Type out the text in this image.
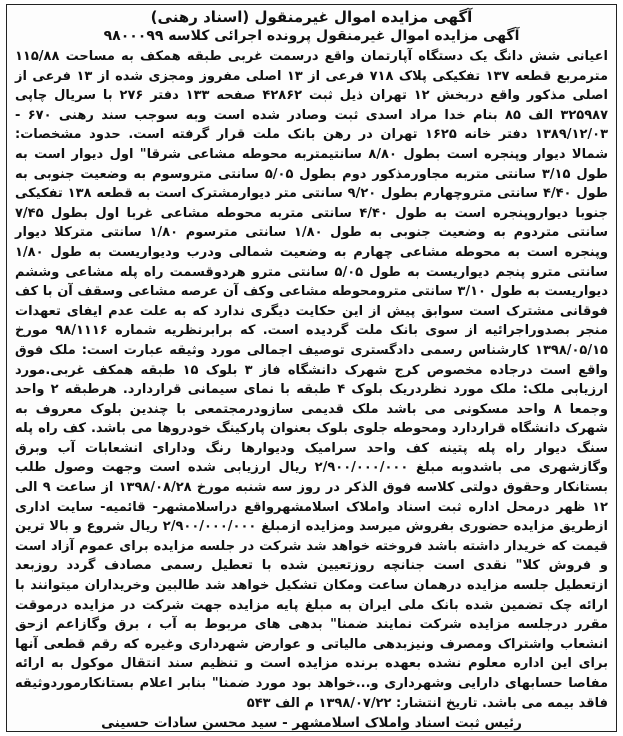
آگهی مزایده اموال غیرمنقول (اسناد رهنی)

آگهی مزایده اموال غیرمنقول پرونده اجرائی کلاسه ۹۸۰۰۰۹۹

اعیانی شش دانگ یک دستگاه آپارتمان واقع درسمت غربی طبقه همکف به مساحت ۱۱۵/۸۸ مترمربع قطعه ۱۳۷ تفکیکی پلاک ۷۱۸ فرعی از ۱۳ اصلی مفروز ومجزی شده از ۱۳ فرعی از اصلی مذکور واقع دربخش ۱۲ تهران ذیل ثبت ۴۲۸۶۲ صفحه ۱۳۳ دفتر ۲۷۶ با سریال چاپی ۳۲۵۹۸۷ الف ۸۵ بنام خدا مراد اسدی ثبت وصادر شده است وبه سوجب سند رهنی ۶۷۰ - ۱۳۸۹/۱۲/۰۳ دفتر خانه ۱۶۲۵ تهران در رهن بانک ملت قرار گرفته است. حدود مشخصات: شمالا دیوار وپنجره است بطول ۸/۸۰ سانتیمتربه محوطه مشاعی شرقا" اول دیوار است به طول ۳/۱۵ سانتی متربه مجاورمذکور دوم بطول ۵/۰۵ سانتی متروسوم به وضعیت جنوبی به طول ۴/۴۰ سانتی متروچهارم بطول ۹/۲۰ سانتی متر دیوارمشترک است به قطعه ۱۳۸ تفکیکی جنوبا دیواروپنجره است به طول ۴/۴۰ سانتی متربه محوطه مشاعی غربا اول بطول ۷/۴۵ سانتی متردوم به وضعیت جنوبی به طول ۱/۸۰ سانتی مترسوم ۱/۸۰ سانتی مترکلا دیوار وپنجره است به محوطه مشاعی چهارم به وضعیت شمالی ودرب ودیواریست به طول ۱/۸۰ سانتی مترو پنجم دیواریست به طول ۵/۰۵ سانتی مترو هردوقسمت راه پله مشاعی وششم دیواریست به طول ۳/۱۰ سانتی مترومحوطه مشاعی وکف آن عرصه مشاعی وسقف آن با کف فوقانی مشترک است سوابق پیش از این حکایت دیگری ندارد که به علت عدم ایفای تعهدات منجر بصدوراجرائیه از سوی بانک ملت گردیده است. که برابرنظریه شماره ۹۸/۱۱۱۶ مورخ ۱۳۹۸/۰۵/۱۵ کارشناس رسمی دادگستری توصیف اجمالی مورد وثیقه عبارت است: ملک فوق واقع است درجاده مخصوص کرج شهرک دانشگاه فاز ۳ بلوک ۱۵ طبقه همکف غربی.مورد ارزیابی ملک: ملک مورد نظردریک بلوک ۴ طبقه با نمای سیمانی قراردارد. هرطبقه ۲ واحد وجمعا ۸ واحد مسکونی می باشد ملک قدیمی سازودرمجتمعی با چندین بلوک معروف به شهرک دانشگاه قراردارد ومحوطه جلوی بلوک بعنوان پارکینگ خودروها می باشد. کف راه پله سنگ دیوار راه پله پتینه کف واحد سرامیک ودیوارها رنگ ودارای انشعابات آب وبرق وگازشهری می باشدوبه مبلغ ۲/۹۰۰/۰۰۰/۰۰۰ ریال ارزیابی شده است وجهت وصول طلب بستانکار وحقوق دولتی کلاسه فوق الذکر در روز سه شنبه مورخ ۱۳۹۸/۰۸/۲۸ از ساعت ۹ الی ۱۲ ظهر درمحل اداره ثبت اسناد واملاک اسلامشهرواقع دراسلامشهر- قائمیه- سایت اداری ازطریق مزایده حضوری بفروش میرسد ومزایده ازمبلغ ۲/۹۰۰/۰۰۰/۰۰۰ ریال شروع و بالا ترین قیمت که خریدار داشته باشد فروخته خواهد شد شرکت در جلسه مزایده برای عموم آزاد است و فروش کلا" نقدی است جنانچه روزتعیین شده با تعطیل رسمی مصادف گردد روزبعد ازتعطیل جلسه مزایده درهمان ساعت ومکان تشکیل خواهد شد طالبین وخریداران میتوانند با ارائه چک تضمین شده بانک ملی ایران به مبلغ پایه مزایده جهت شرکت در مزایده درموقت مقرر درجلسه مزایده شرکت نمایند ضمنا" بدهی های مربوط به آب ، برق وگازاعم ازحق انشعاب واشتراک ومصرف ونیزبدهی مالیاتی و عوارض شهرداری وغیره که رقم قطعی آنها برای این اداره معلوم نشده بعهده برنده مزایده است و تنظیم سند انتقال موکول به ارائه مفاصا حسابهای دارایی وشهرداری و...خواهد بود مورد ضمنا" بنابر اعلام بستانکارموردوثیقه فاقد بیمه می باشد. تاریخ انتشار: ۱۳۹۸/۰۷/۲۲ م الف ۵۴۳

رئیس ثبت اسناد واملاک اسلامشهر - سید محسن سادات حسینی
